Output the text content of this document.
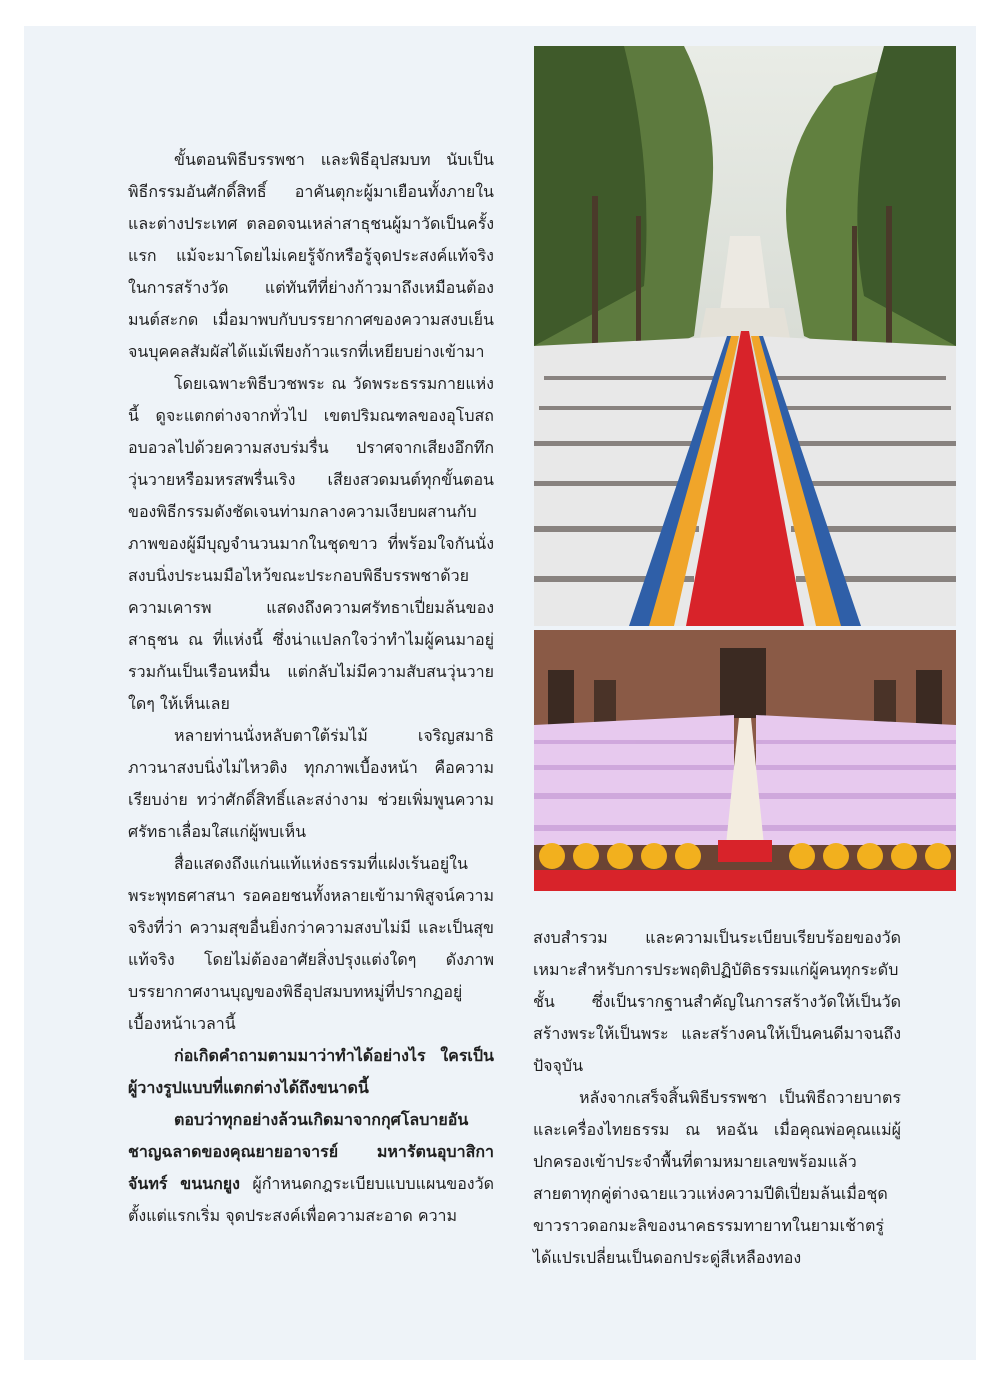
ขั้นตอนพิธีบรรพชา และพิธีอุปสมบท นับเป็นพิธีกรรมอันศักดิ์สิทธิ์ อาคันตุกะผู้มาเยือนทั้งภายในและต่างประเทศ ตลอดจนเหล่าสาธุชนผู้มาวัดเป็นครั้งแรก แม้จะมาโดยไม่เคยรู้จักหรือรู้จุดประสงค์แท้จริงในการสร้างวัด แต่ทันทีที่ย่างก้าวมาถึงเหมือนต้องมนต์สะกด เมื่อมาพบกับบรรยากาศของความสงบเย็น จนบุคคลสัมผัสได้แม้เพียงก้าวแรกที่เหยียบย่างเข้ามา

โดยเฉพาะพิธีบวชพระ ณ วัดพระธรรมกายแห่งนี้ ดูจะแตกต่างจากทั่วไป เขตปริมณฑลของอุโบสถอบอวลไปด้วยความสงบร่มรื่น ปราศจากเสียงอึกทึกวุ่นวายหรือมหรสพรื่นเริง เสียงสวดมนต์ทุกขั้นตอนของพิธีกรรมดังชัดเจนท่ามกลางความเงียบผสานกับภาพของผู้มีบุญจำนวนมากในชุดขาว ที่พร้อมใจกันนั่งสงบนิ่งประนมมือไหว้ขณะประกอบพิธีบรรพชาด้วยความเคารพ แสดงถึงความศรัทธาเปี่ยมล้นของสาธุชน ณ ที่แห่งนี้ ซึ่งน่าแปลกใจว่าทำไมผู้คนมาอยู่รวมกันเป็นเรือนหมื่น แต่กลับไม่มีความสับสนวุ่นวายใดๆ ให้เห็นเลย

หลายท่านนั่งหลับตาใต้ร่มไม้ เจริญสมาธิภาวนาสงบนิ่งไม่ไหวติง ทุกภาพเบื้องหน้า คือความเรียบง่าย ทว่าศักดิ์สิทธิ์และสง่างาม ช่วยเพิ่มพูนความศรัทธาเลื่อมใสแก่ผู้พบเห็น

สื่อแสดงถึงแก่นแท้แห่งธรรมที่แฝงเร้นอยู่ในพระพุทธศาสนา รอคอยชนทั้งหลายเข้ามาพิสูจน์ความจริงที่ว่า ความสุขอื่นยิ่งกว่าความสงบไม่มี และเป็นสุขแท้จริง โดยไม่ต้องอาศัยสิ่งปรุงแต่งใดๆ ดังภาพบรรยากาศงานบุญของพิธีอุปสมบทหมู่ที่ปรากฏอยู่เบื้องหน้าเวลานี้

ก่อเกิดคำถามตามมาว่าทำได้อย่างไร ใครเป็นผู้วางรูปแบบที่แตกต่างได้ถึงขนาดนี้

ตอบว่าทุกอย่างล้วนเกิดมาจากกุศโลบายอันชาญฉลาดของคุณยายอาจารย์ มหารัตนอุบาสิกาจันทร์ ขนนกยูง ผู้กำหนดกฎระเบียบแบบแผนของวัดตั้งแต่แรกเริ่ม จุดประสงค์เพื่อความสะอาด ความ

สงบสำรวม และความเป็นระเบียบเรียบร้อยของวัด เหมาะสำหรับการประพฤติปฏิบัติธรรมแก่ผู้คนทุกระดับชั้น ซึ่งเป็นรากฐานสำคัญในการสร้างวัดให้เป็นวัด สร้างพระให้เป็นพระ และสร้างคนให้เป็นคนดีมาจนถึงปัจจุบัน

หลังจากเสร็จสิ้นพิธีบรรพชา เป็นพิธีถวายบาตรและเครื่องไทยธรรม ณ หอฉัน เมื่อคุณพ่อคุณแม่ผู้ปกครองเข้าประจำพื้นที่ตามหมายเลขพร้อมแล้ว สายตาทุกคู่ต่างฉายแววแห่งความปีติเปี่ยมล้นเมื่อชุดขาวราวดอกมะลิของนาคธรรมทายาทในยามเช้าตรู่ ได้แปรเปลี่ยนเป็นดอกประดู่สีเหลืองทอง
